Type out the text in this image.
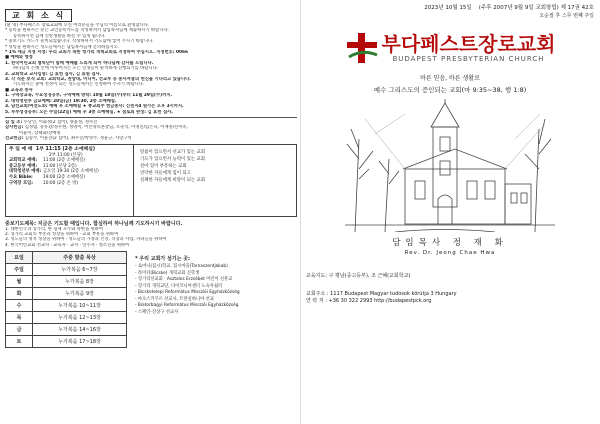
교 회 소 식
(환 영) 부다페스트 장로교회에 오신 여러분들을 주님의 이름으로 환영합니다.
* 등록을 원하시는 분은 교인등록카드를 작성하셔서 담임목사님께 제출하시기 바랍니다.
등록하시면 함께 신앙생활을 하실 수 있게 됩니다.
* 중보기도 카드가 준비되었습니다. 작성하셔서 기도함에 넣어 주시기 바랍니다.
* 성령을 원하시는 성도들께서는 담임목사님께 문의하십시오.
* 1% 세금 지정 지정: 우리 교회가 속한 헝가리 개혁교회로 지정하여 주십시오. 지정번호: 0066
■ 예배와 행정
1. 한국어린교회 협력단이 함께 예배를 드리게 되어 하나님께 감사를 드립니다.
하나님의 은혜 안에 이루어지는 모든 일정들이 순적하게 진행되기를 바랍니다.
2. 교회학교 교사임명: 김 효헌 집사, 김 효원 집사.
3. 각 직분 보직 교회: 교회학교, 찬양대, 미디어, 선교부 등 봉사자들의 헌신을 기다리고 있습니다.
기도하시는 중에 결정이 되는 성도들께서는 신청하여 주시기 바랍니다.
■ 교육과 봉사
1. 구역장교육, 수요성경공부, 구역예배 방학: 10월 18일(수)부터 11월 29일(수)까지.
2. 대학청년부 금요예배: 20일(금) 19:30, 2층 소예배실.
3. 남선교회/여전도회: 예배 후 소예배실 ★ 총교회주 헌금봉사: 신천지4 원가는 오후 3시까지.
5. 부부성경공부: 오는 주일(22일) 예배 후 3층 소예배실. ★ 점토회 완성: 김 효헌 집사.
십 일 조: 우난연, 이화정(2 섬어), 양윤정, 정수진
감사헌금: 김정범, 송유환/정우현, 정영미, 어린양의혼장님, 오준석, 이명진/임은숙, 이재홍/신미옥,
이윤미, 장태화/장예영
선교헌금: 김승주, 이윤진(2 섬어), 최수진/박명주, 정윤규, 사랑구역
주 일 예 배 1부 11:15 (2층 소예배실)
2부 11:00 (본당)
교회학교 예배: 11:00 (2층 소예배실)
중고등부 예배: 11:00 (본당 2층)
대학청년부 예배: 금요일 19:30 (2층 소예배실)
수요 Bible: 19:00 (2층 소예배실)
구역장 모임: 10:00 (2층 온 방)
말씀이 있으면서 선교가 있는 교회
기도가 있으면서 능력이 있는 교회
살아 있어 부흥하는 교회
연약한 자들에게 힘이 되고
실패한 자들에게 희망이 되는 교회
중보기도제목: 지금은 기도할 때입니다. 합심하여 하나님께 기도하시기 바랍니다.
1. 대한민국과 헝가리, 한 형제 모두와 북한을 위하여
2. 헝가리 교회의 부흥과 성장을 위하여 · 교회 부흥을 위하여
3. 성도들의 영적 성장을 위하여 · 성도들의 가정과 건강, 직장과 사업, 자녀들을 위하여
4. 한국어린교회 선교사 · 교육자 · 교사 · 연주자 · 청소년을 위하여
요일	주중 말씀 묵상
주일	누가복음 6~7장
월	누가복음 8장
화	누가복음 9장
수	누가복음 10~11장
목	누가복음 12~13장
금	누가복음 14~16장
토	누가복음 17~18장
* 우리 교회가 섬기는 곳:
- 로마니(집시)학교, 집시마을(Tarnaszentjakab)
- 라이터(Bicske) 개혁교회 신학생
- 헝가리선교회 · Asztalos Erzsébet 어린이 신흥교
- 헝가리 개혁교단, 다이코니아센터 노숙자쉼터
- Bicsketelepi Református Missziói Egyházközség
- 마오스키쿠르 선교사, 트란실바니아 선교
- Biatorbágyi Református Missziói Egyházközség
- 스페인-진상구 선교사
2023년 10월 15일 (주후 2007년 9월 9일 교회창립) 제 17권 42호
오순절 후 스무 번째 주일
부다페스트장로교회
BUDAPEST PRESBYTERIAN CHURCH
바른 믿음, 바른 생활로
예수 그리스도의 증인되는 교회(마 9:35~38, 행 1:8)
담임목사 정 재 화
Rev. Dr. Jeong Chae Hwa
교육지도: 구 평남(중고등부), 조 근혜(교회학교)
교회주소 : 1117 Budapest Magyar tudósok körútja 3 Hungary
연 락 처 : +36 30 322 2993 http://budapestpck.org
